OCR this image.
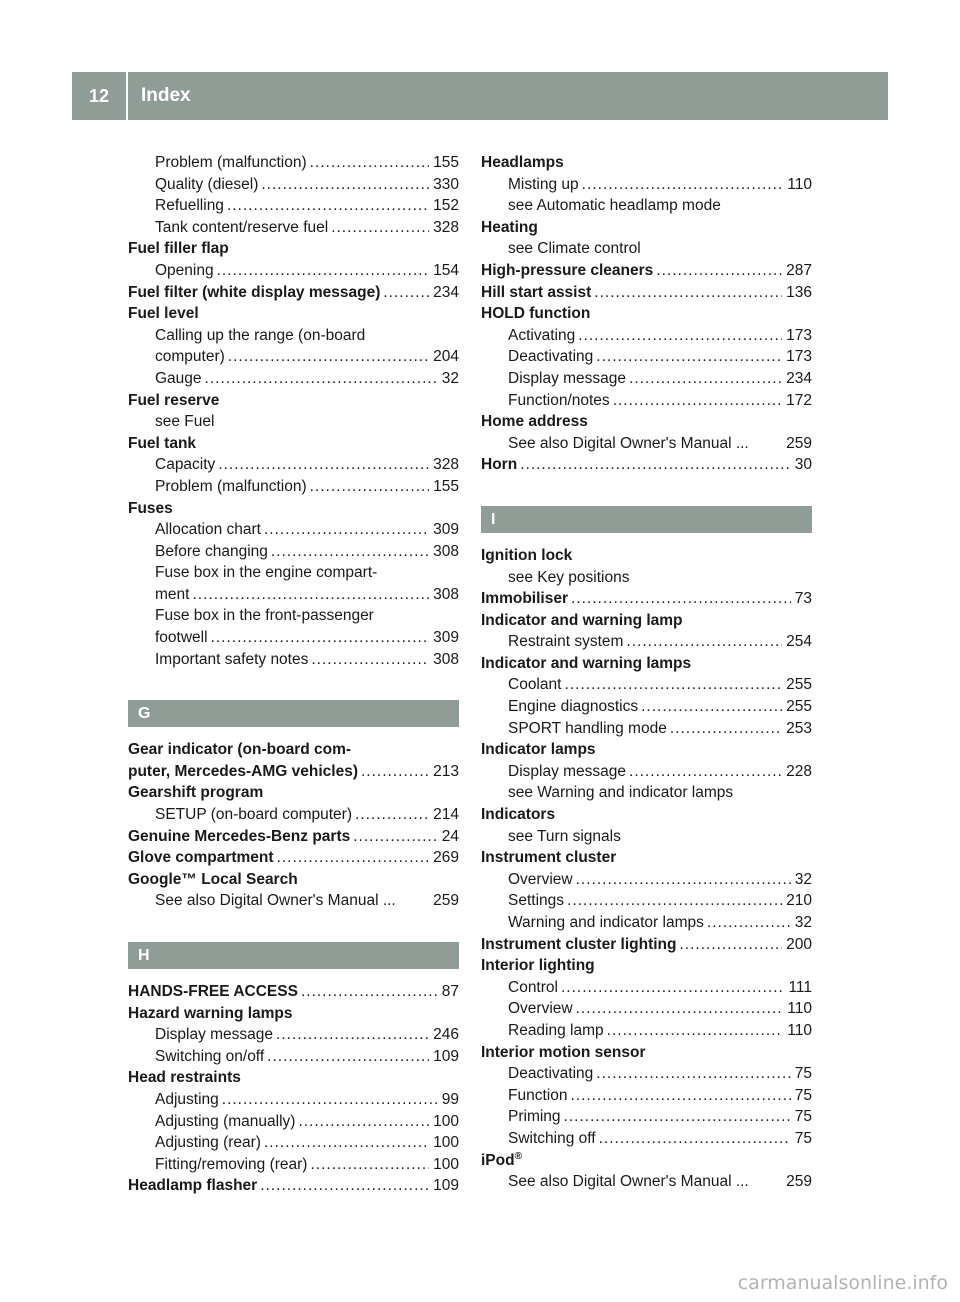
12	Index
Problem (malfunction) .....	155
Quality (diesel) .....	330
Refuelling .....	152
Tank content/reserve fuel .....	328
Fuel filler flap
Opening .....	154
Fuel filter (white display message) .....	234
Fuel level
Calling up the range (on-board
computer) .....	204
Gauge .....	32
Fuel reserve
see Fuel
Fuel tank
Capacity .....	328
Problem (malfunction) .....	155
Fuses
Allocation chart .....	309
Before changing .....	308
Fuse box in the engine compart-
ment .....	308
Fuse box in the front-passenger
footwell .....	309
Important safety notes .....	308
G
Gear indicator (on-board com-
puter, Mercedes-AMG vehicles) .....	213
Gearshift program
SETUP (on-board computer) .....	214
Genuine Mercedes-Benz parts .....	24
Glove compartment .....	269
Google™ Local Search
See also Digital Owner's Manual ... 259
H
HANDS-FREE ACCESS .....	87
Hazard warning lamps
Display message .....	246
Switching on/off .....	109
Head restraints
Adjusting .....	99
Adjusting (manually) .....	100
Adjusting (rear) .....	100
Fitting/removing (rear) .....	100
Headlamp flasher .....	109
Headlamps
Misting up .....	110
see Automatic headlamp mode
Heating
see Climate control
High-pressure cleaners .....	287
Hill start assist .....	136
HOLD function
Activating .....	173
Deactivating .....	173
Display message .....	234
Function/notes .....	172
Home address
See also Digital Owner's Manual ... 259
Horn .....	30
I
Ignition lock
see Key positions
Immobiliser .....	73
Indicator and warning lamp
Restraint system .....	254
Indicator and warning lamps
Coolant .....	255
Engine diagnostics .....	255
SPORT handling mode .....	253
Indicator lamps
Display message .....	228
see Warning and indicator lamps
Indicators
see Turn signals
Instrument cluster
Overview .....	32
Settings .....	210
Warning and indicator lamps .....	32
Instrument cluster lighting .....	200
Interior lighting
Control .....	111
Overview .....	110
Reading lamp .....	110
Interior motion sensor
Deactivating .....	75
Function .....	75
Priming .....	75
Switching off .....	75
iPod®
See also Digital Owner's Manual ... 259
carmanualsonline.info
